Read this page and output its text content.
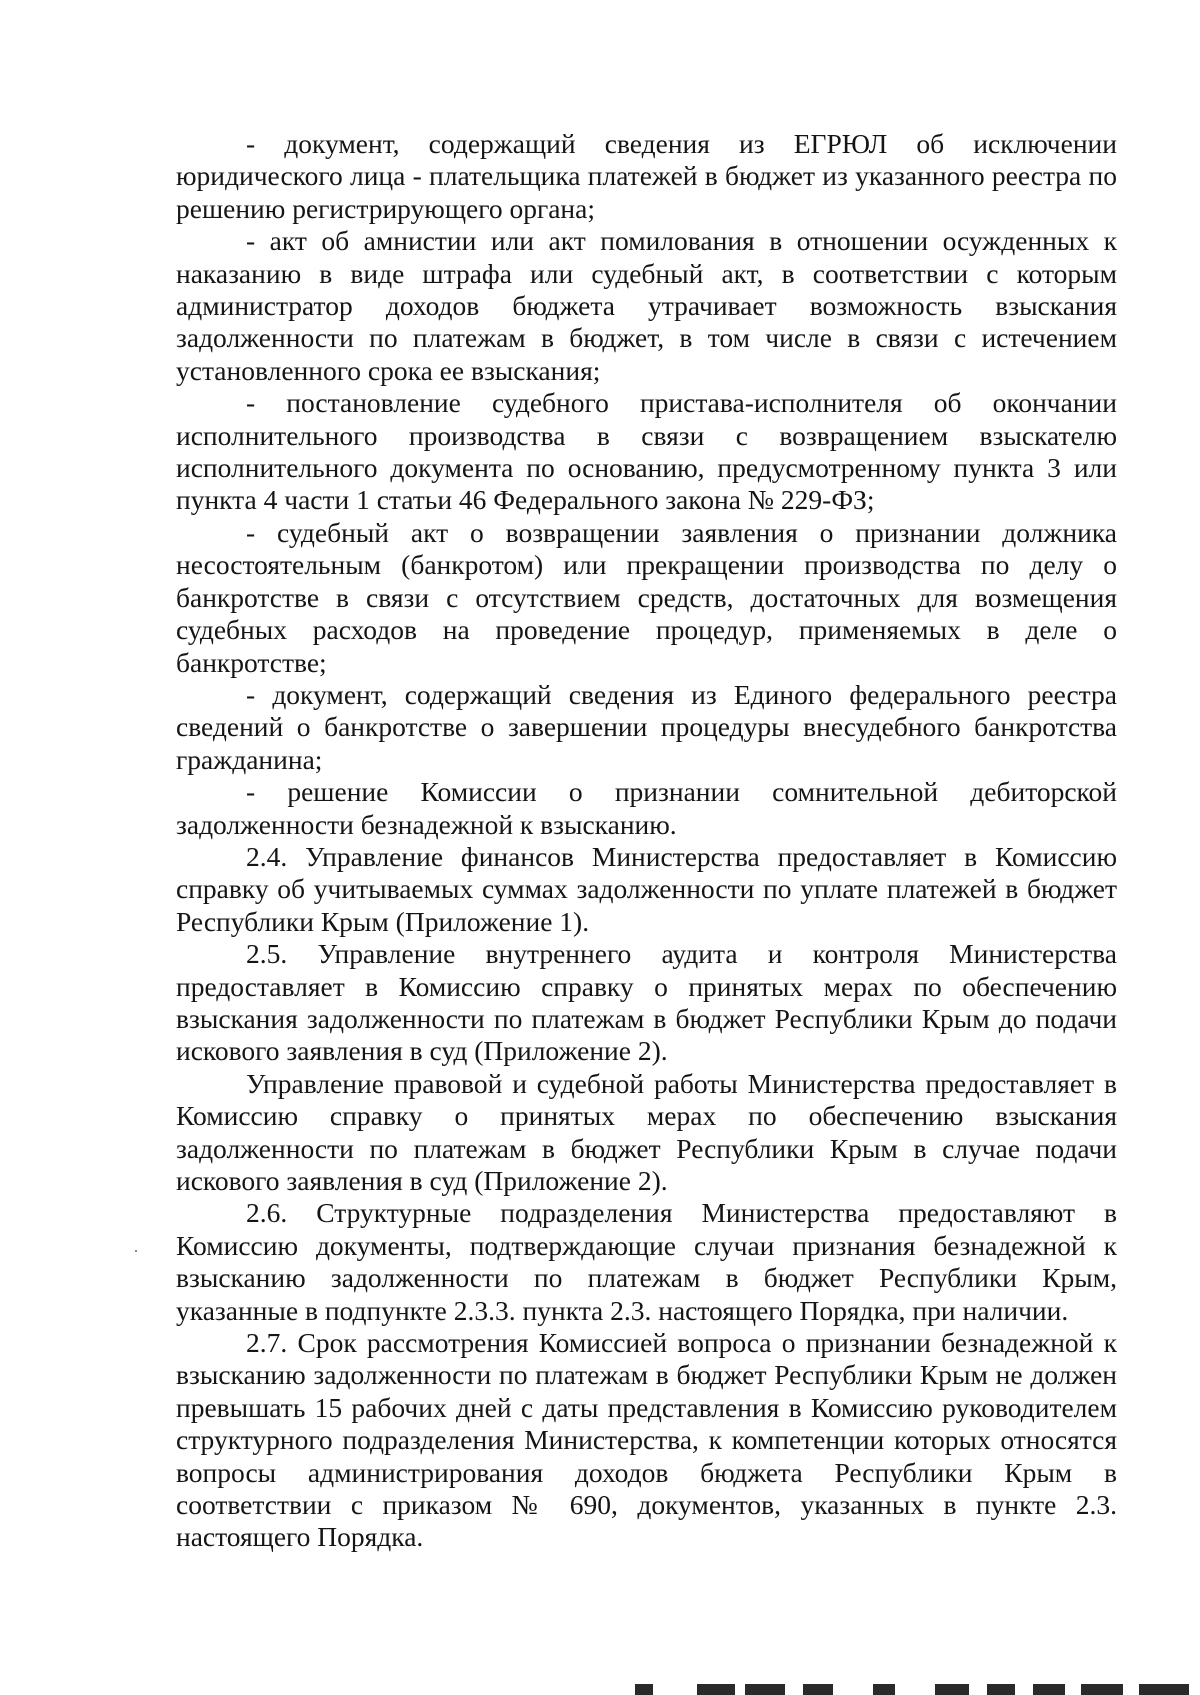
- документ, содержащий сведения из ЕГРЮЛ об исключении юридического лица - плательщика платежей в бюджет из указанного реестра по решению регистрирующего органа;

- акт об амнистии или акт помилования в отношении осужденных к наказанию в виде штрафа или судебный акт, в соответствии с которым администратор доходов бюджета утрачивает возможность взыскания задолженности по платежам в бюджет, в том числе в связи с истечением установленного срока ее взыскания;

- постановление судебного пристава-исполнителя об окончании исполнительного производства в связи с возвращением взыскателю исполнительного документа по основанию, предусмотренному пункта 3 или пункта 4 части 1 статьи 46 Федерального закона № 229-ФЗ;

- судебный акт о возвращении заявления о признании должника несостоятельным (банкротом) или прекращении производства по делу о банкротстве в связи с отсутствием средств, достаточных для возмещения судебных расходов на проведение процедур, применяемых в деле о банкротстве;

- документ, содержащий сведения из Единого федерального реестра сведений о банкротстве о завершении процедуры внесудебного банкротства гражданина;

- решение Комиссии о признании сомнительной дебиторской задолженности безнадежной к взысканию.

2.4. Управление финансов Министерства предоставляет в Комиссию справку об учитываемых суммах задолженности по уплате платежей в бюджет Республики Крым (Приложение 1).

2.5. Управление внутреннего аудита и контроля Министерства предоставляет в Комиссию справку о принятых мерах по обеспечению взыскания задолженности по платежам в бюджет Республики Крым до подачи искового заявления в суд (Приложение 2).

Управление правовой и судебной работы Министерства предоставляет в Комиссию справку о принятых мерах по обеспечению взыскания задолженности по платежам в бюджет Республики Крым в случае подачи искового заявления в суд (Приложение 2).

2.6. Структурные подразделения Министерства предоставляют в Комиссию документы, подтверждающие случаи признания безнадежной к взысканию задолженности по платежам в бюджет Республики Крым, указанные в подпункте 2.3.3. пункта 2.3. настоящего Порядка, при наличии.

2.7. Срок рассмотрения Комиссией вопроса о признании безнадежной к взысканию задолженности по платежам в бюджет Республики Крым не должен превышать 15 рабочих дней с даты представления в Комиссию руководителем структурного подразделения Министерства, к компетенции которых относятся вопросы администрирования доходов бюджета Республики Крым в соответствии с приказом № 690, документов, указанных в пункте 2.3. настоящего Порядка.
